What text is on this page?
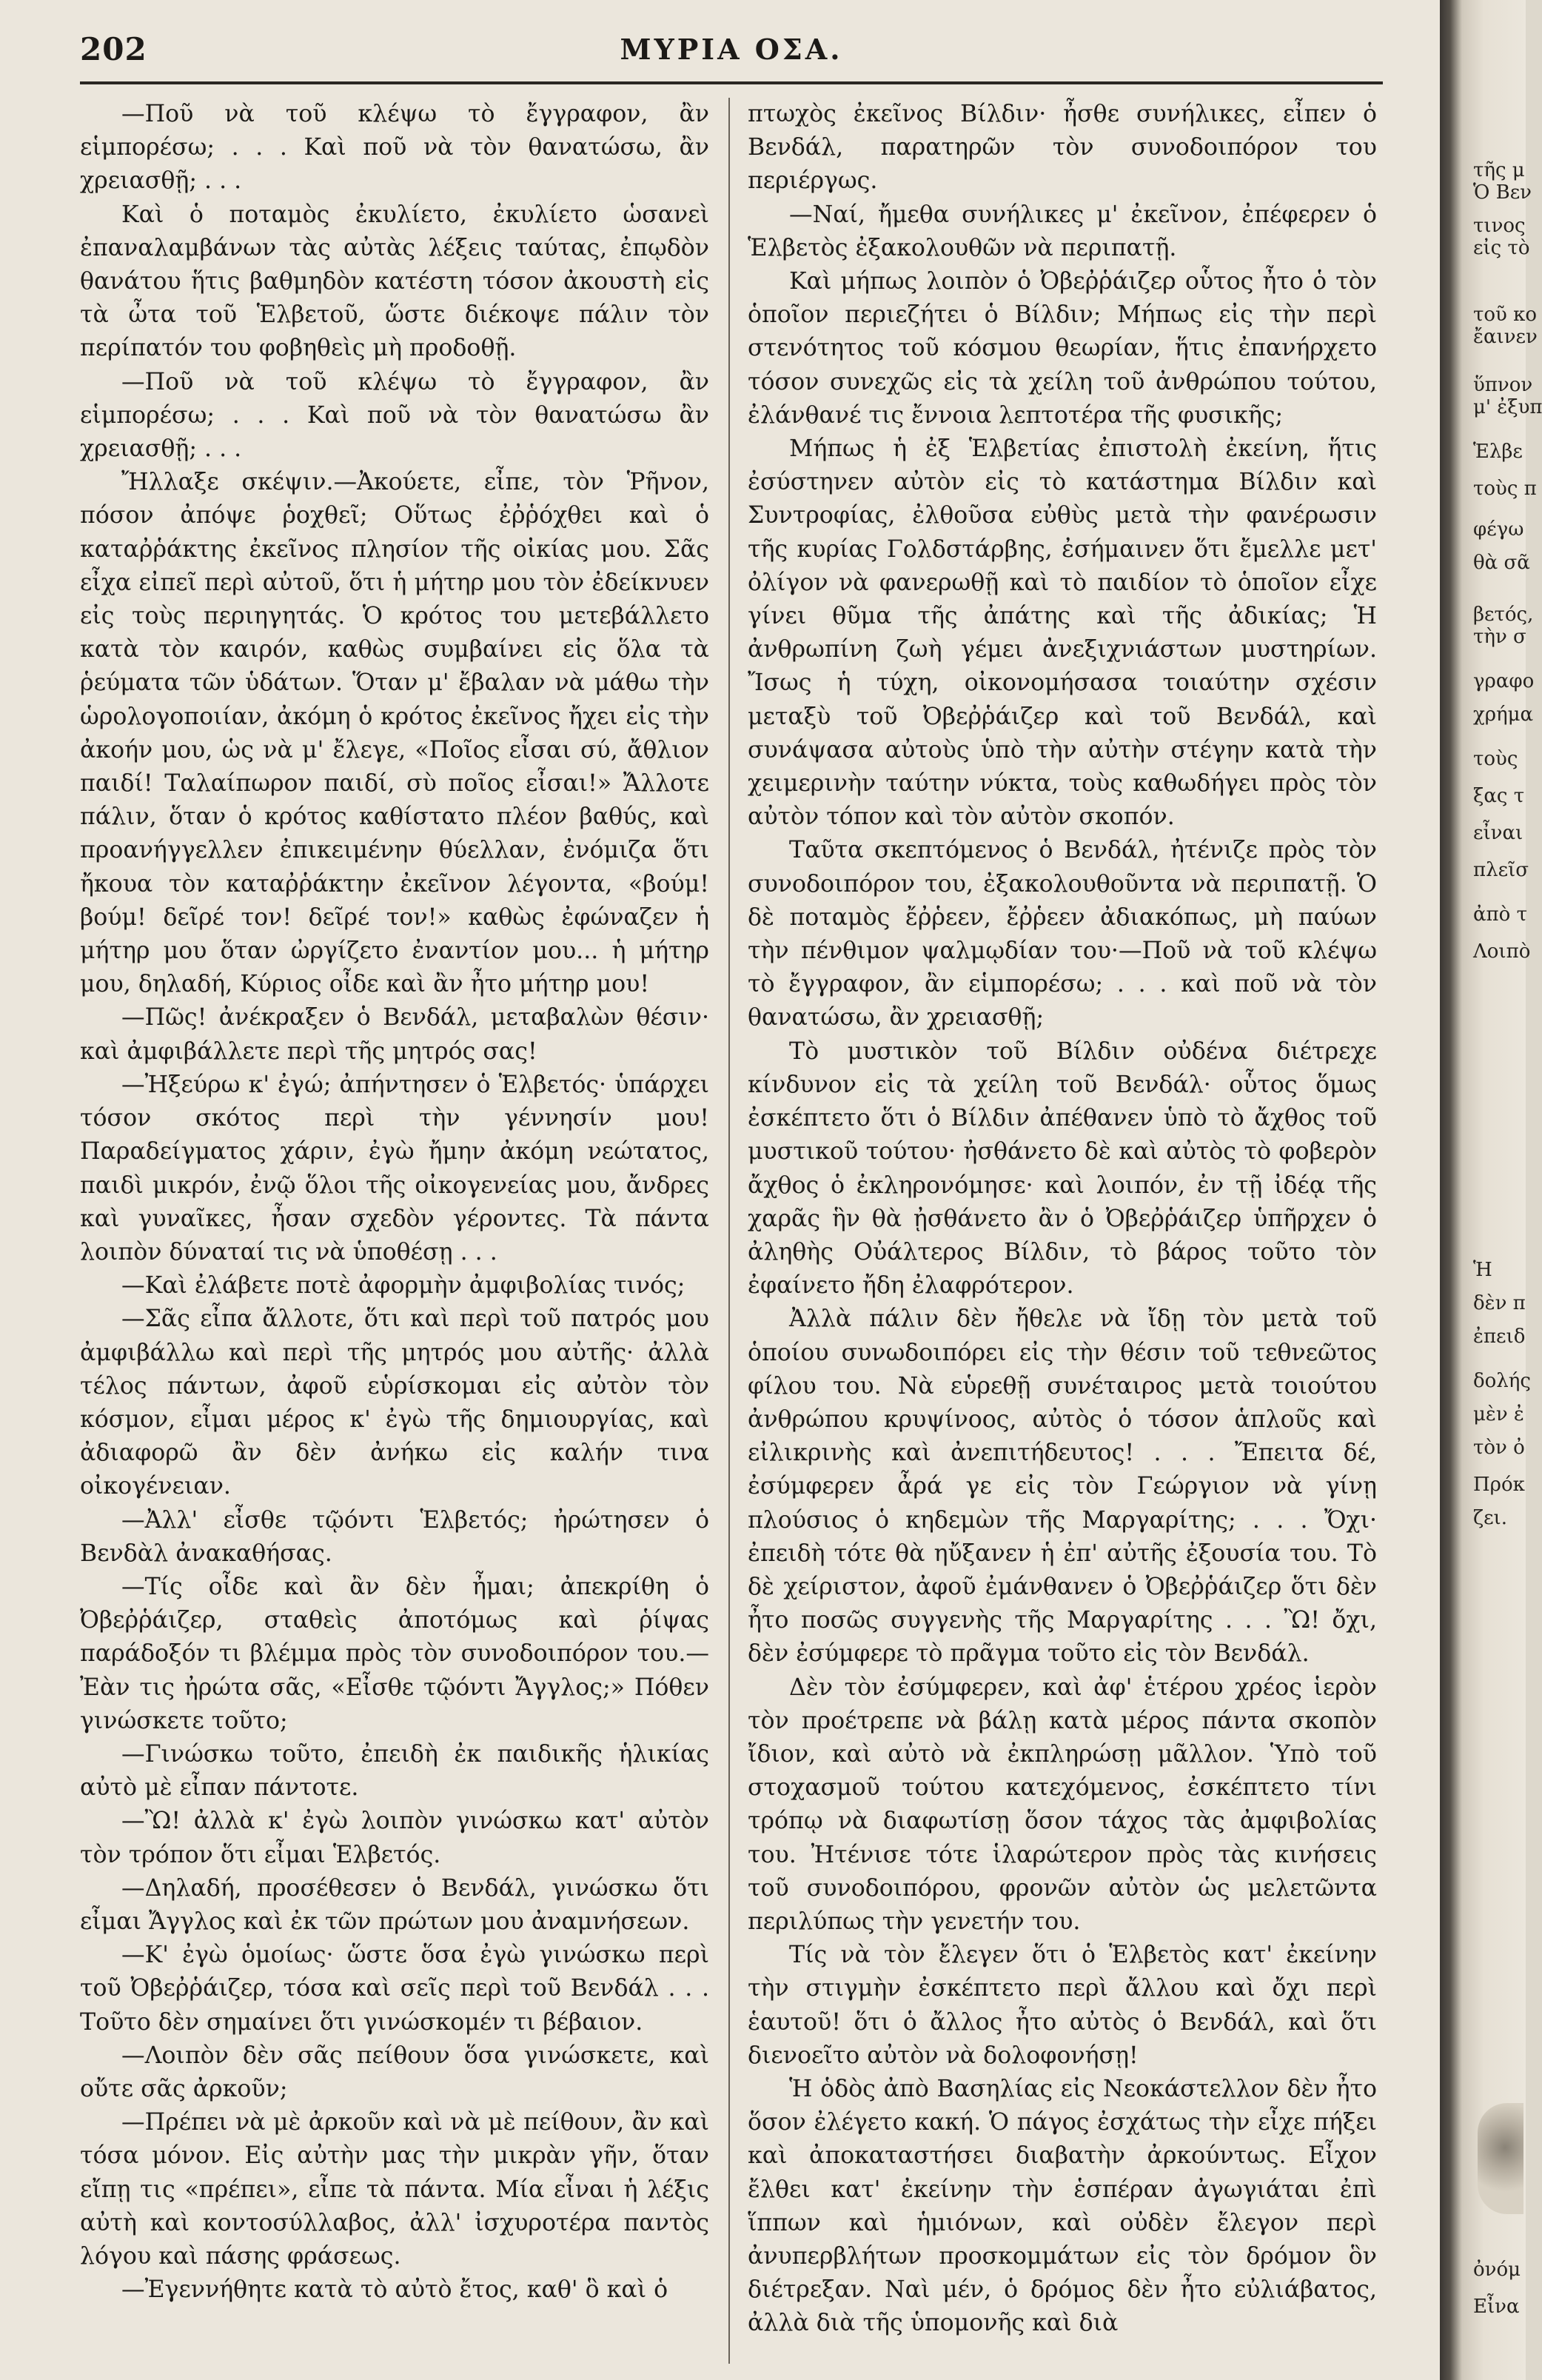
202	ΜΥΡΙΑ ΟΣΑ.

—Ποῦ νὰ τοῦ κλέψω τὸ ἔγγραφον, ἂν εἱμπορέσω; . . . Καὶ ποῦ νὰ τὸν θανατώσω, ἂν χρειασθῇ; . . .

Καὶ ὁ ποταμὸς ἐκυλίετο, ἐκυλίετο ὡσανεὶ ἐπαναλαμβάνων τὰς αὐτὰς λέξεις ταύτας, ἐπῳδὸν θανάτου ἥτις βαθμηδὸν κατέστη τόσον ἀκουστὴ εἰς τὰ ὦτα τοῦ Ἑλβετοῦ, ὥστε διέκοψε πάλιν τὸν περίπατόν του φοβηθεὶς μὴ προδοθῇ.

—Ποῦ νὰ τοῦ κλέψω τὸ ἔγγραφον, ἂν εἱμπορέσω; . . . Καὶ ποῦ νὰ τὸν θανατώσω ἂν χρειασθῇ; . . .

Ἤλλαξε σκέψιν.—Ἀκούετε, εἶπε, τὸν Ῥῆνον, πόσον ἀπόψε ῥοχθεῖ; Οὕτως ἐῤῥόχθει καὶ ὁ καταῤῥάκτης ἐκεῖνος πλησίον τῆς οἰκίας μου. Σᾶς εἶχα εἰπεῖ περὶ αὐτοῦ, ὅτι ἡ μήτηρ μου τὸν ἐδείκνυεν εἰς τοὺς περιηγητάς. Ὁ κρότος του μετεβάλλετο κατὰ τὸν καιρόν, καθὼς συμβαίνει εἰς ὅλα τὰ ῥεύματα τῶν ὑδάτων. Ὅταν μ' ἔβαλαν νὰ μάθω τὴν ὡρολογοποιίαν, ἀκόμη ὁ κρότος ἐκεῖνος ἤχει εἰς τὴν ἀκοήν μου, ὡς νὰ μ' ἔλεγε, «Ποῖος εἶσαι σύ, ἄθλιον παιδί! Ταλαίπωρον παιδί, σὺ ποῖος εἶσαι!» Ἄλλοτε πάλιν, ὅταν ὁ κρότος καθίστατο πλέον βαθύς, καὶ προανήγγελλεν ἐπικειμένην θύελλαν, ἐνόμιζα ὅτι ἤκουα τὸν καταῤῥάκτην ἐκεῖνον λέγοντα, «βούμ! βούμ! δεῖρέ τον! δεῖρέ τον!» καθὼς ἐφώναζεν ἡ μήτηρ μου ὅταν ὠργίζετο ἐναντίον μου... ἡ μήτηρ μου, δηλαδή, Κύριος οἶδε καὶ ἂν ἦτο μήτηρ μου!

—Πῶς! ἀνέκραξεν ὁ Βενδάλ, μεταβαλὼν θέσιν· καὶ ἀμφιβάλλετε περὶ τῆς μητρός σας!

—Ἠξεύρω κ' ἐγώ; ἀπήντησεν ὁ Ἑλβετός· ὑπάρχει τόσον σκότος περὶ τὴν γέννησίν μου! Παραδείγματος χάριν, ἐγὼ ἤμην ἀκόμη νεώτατος, παιδὶ μικρόν, ἐνῷ ὅλοι τῆς οἰκογενείας μου, ἄνδρες καὶ γυναῖκες, ἦσαν σχεδὸν γέροντες. Τὰ πάντα λοιπὸν δύναταί τις νὰ ὑποθέσῃ . . .

—Καὶ ἐλάβετε ποτὲ ἀφορμὴν ἀμφιβολίας τινός;

—Σᾶς εἶπα ἄλλοτε, ὅτι καὶ περὶ τοῦ πατρός μου ἀμφιβάλλω καὶ περὶ τῆς μητρός μου αὐτῆς· ἀλλὰ τέλος πάντων, ἀφοῦ εὑρίσκομαι εἰς αὐτὸν τὸν κόσμον, εἶμαι μέρος κ' ἐγὼ τῆς δημιουργίας, καὶ ἀδιαφορῶ ἂν δὲν ἀνήκω εἰς καλήν τινα οἰκογένειαν.

—Ἀλλ' εἶσθε τῷόντι Ἑλβετός; ἠρώτησεν ὁ Βενδὰλ ἀνακαθήσας.

—Τίς οἶδε καὶ ἂν δὲν ἦμαι; ἀπεκρίθη ὁ Ὀβεῤῥάιζερ, σταθεὶς ἀποτόμως καὶ ῥίψας παράδοξόν τι βλέμμα πρὸς τὸν συνοδοιπόρον του.—Ἐὰν τις ἠρώτα σᾶς, «Εἶσθε τῷόντι Ἄγγλος;» Πόθεν γινώσκετε τοῦτο;

—Γινώσκω τοῦτο, ἐπειδὴ ἐκ παιδικῆς ἡλικίας αὐτὸ μὲ εἶπαν πάντοτε.

—Ὢ! ἀλλὰ κ' ἐγὼ λοιπὸν γινώσκω κατ' αὐτὸν τὸν τρόπον ὅτι εἶμαι Ἑλβετός.

—Δηλαδή, προσέθεσεν ὁ Βενδάλ, γινώσκω ὅτι εἶμαι Ἄγγλος καὶ ἐκ τῶν πρώτων μου ἀναμνήσεων.

—Κ' ἐγὼ ὁμοίως· ὥστε ὅσα ἐγὼ γινώσκω περὶ τοῦ Ὀβεῤῥάιζερ, τόσα καὶ σεῖς περὶ τοῦ Βενδάλ . . . Τοῦτο δὲν σημαίνει ὅτι γινώσκομέν τι βέβαιον.

—Λοιπὸν δὲν σᾶς πείθουν ὅσα γινώσκετε, καὶ οὔτε σᾶς ἀρκοῦν;

—Πρέπει νὰ μὲ ἀρκοῦν καὶ νὰ μὲ πείθουν, ἂν καὶ τόσα μόνον. Εἰς αὐτὴν μας τὴν μικρὰν γῆν, ὅταν εἴπῃ τις «πρέπει», εἶπε τὰ πάντα. Μία εἶναι ἡ λέξις αὐτὴ καὶ κοντοσύλλαβος, ἀλλ' ἰσχυροτέρα παντὸς λόγου καὶ πάσης φράσεως.

—Ἐγεννήθητε κατὰ τὸ αὐτὸ ἔτος, καθ' ὃ καὶ ὁ

πτωχὸς ἐκεῖνος Βίλδιν· ἦσθε συνήλικες, εἶπεν ὁ Βενδάλ, παρατηρῶν τὸν συνοδοιπόρον του περιέργως.

—Ναί, ἤμεθα συνήλικες μ' ἐκεῖνον, ἐπέφερεν ὁ Ἑλβετὸς ἐξακολουθῶν νὰ περιπατῇ.

Καὶ μήπως λοιπὸν ὁ Ὀβεῤῥάιζερ οὗτος ἦτο ὁ τὸν ὁποῖον περιεζήτει ὁ Βίλδιν; Μήπως εἰς τὴν περὶ στενότητος τοῦ κόσμου θεωρίαν, ἥτις ἐπανήρχετο τόσον συνεχῶς εἰς τὰ χείλη τοῦ ἀνθρώπου τούτου, ἐλάνθανέ τις ἔννοια λεπτοτέρα τῆς φυσικῆς;

Μήπως ἡ ἐξ Ἑλβετίας ἐπιστολὴ ἐκείνη, ἥτις ἐσύστηνεν αὐτὸν εἰς τὸ κατάστημα Βίλδιν καὶ Συντροφίας, ἐλθοῦσα εὐθὺς μετὰ τὴν φανέρωσιν τῆς κυρίας Γολδστάρβης, ἐσήμαινεν ὅτι ἔμελλε μετ' ὀλίγον νὰ φανερωθῇ καὶ τὸ παιδίον τὸ ὁποῖον εἶχε γίνει θῦμα τῆς ἀπάτης καὶ τῆς ἀδικίας; Ἡ ἀνθρωπίνη ζωὴ γέμει ἀνεξιχνιάστων μυστηρίων. Ἴσως ἡ τύχη, οἰκονομήσασα τοιαύτην σχέσιν μεταξὺ τοῦ Ὀβεῤῥάιζερ καὶ τοῦ Βενδάλ, καὶ συνάψασα αὐτοὺς ὑπὸ τὴν αὐτὴν στέγην κατὰ τὴν χειμερινὴν ταύτην νύκτα, τοὺς καθωδήγει πρὸς τὸν αὐτὸν τόπον καὶ τὸν αὐτὸν σκοπόν.

Ταῦτα σκεπτόμενος ὁ Βενδάλ, ἠτένιζε πρὸς τὸν συνοδοιπόρον του, ἐξακολουθοῦντα νὰ περιπατῇ. Ὁ δὲ ποταμὸς ἔῤῥεεν, ἔῤῥεεν ἀδιακόπως, μὴ παύων τὴν πένθιμον ψαλμῳδίαν του·—Ποῦ νὰ τοῦ κλέψω τὸ ἔγγραφον, ἂν εἱμπορέσω; . . . καὶ ποῦ νὰ τὸν θανατώσω, ἂν χρειασθῇ;

Τὸ μυστικὸν τοῦ Βίλδιν οὐδένα διέτρεχε κίνδυνον εἰς τὰ χείλη τοῦ Βενδάλ· οὗτος ὅμως ἐσκέπτετο ὅτι ὁ Βίλδιν ἀπέθανεν ὑπὸ τὸ ἄχθος τοῦ μυστικοῦ τούτου· ἠσθάνετο δὲ καὶ αὐτὸς τὸ φοβερὸν ἄχθος ὁ ἐκληρονόμησε· καὶ λοιπόν, ἐν τῇ ἰδέᾳ τῆς χαρᾶς ἣν θὰ ᾐσθάνετο ἂν ὁ Ὀβεῤῥάιζερ ὑπῆρχεν ὁ ἀληθὴς Οὐάλτερος Βίλδιν, τὸ βάρος τοῦτο τὸν ἐφαίνετο ἤδη ἐλαφρότερον.

Ἀλλὰ πάλιν δὲν ἤθελε νὰ ἴδῃ τὸν μετὰ τοῦ ὁποίου συνωδοιπόρει εἰς τὴν θέσιν τοῦ τεθνεῶτος φίλου του. Νὰ εὑρεθῇ συνέταιρος μετὰ τοιούτου ἀνθρώπου κρυψίνοος, αὐτὸς ὁ τόσον ἁπλοῦς καὶ εἰλικρινὴς καὶ ἀνεπιτήδευτος! . . . Ἔπειτα δέ, ἐσύμφερεν ἆρά γε εἰς τὸν Γεώργιον νὰ γίνῃ πλούσιος ὁ κηδεμὼν τῆς Μαργαρίτης; . . . Ὄχι· ἐπειδὴ τότε θὰ ηὔξανεν ἡ ἐπ' αὐτῆς ἐξουσία του. Τὸ δὲ χείριστον, ἀφοῦ ἐμάνθανεν ὁ Ὀβεῤῥάιζερ ὅτι δὲν ἦτο ποσῶς συγγενὴς τῆς Μαργαρίτης . . . Ὢ! ὄχι, δὲν ἐσύμφερε τὸ πρᾶγμα τοῦτο εἰς τὸν Βενδάλ.

Δὲν τὸν ἐσύμφερεν, καὶ ἀφ' ἑτέρου χρέος ἱερὸν τὸν προέτρεπε νὰ βάλῃ κατὰ μέρος πάντα σκοπὸν ἴδιον, καὶ αὐτὸ νὰ ἐκπληρώσῃ μᾶλλον. Ὑπὸ τοῦ στοχασμοῦ τούτου κατεχόμενος, ἐσκέπτετο τίνι τρόπῳ νὰ διαφωτίσῃ ὅσον τάχος τὰς ἀμφιβολίας του. Ἠτένισε τότε ἱλαρώτερον πρὸς τὰς κινήσεις τοῦ συνοδοιπόρου, φρονῶν αὐτὸν ὡς μελετῶντα περιλύπως τὴν γενετήν του.

Τίς νὰ τὸν ἔλεγεν ὅτι ὁ Ἑλβετὸς κατ' ἐκείνην τὴν στιγμὴν ἐσκέπτετο περὶ ἄλλου καὶ ὄχι περὶ ἑαυτοῦ! ὅτι ὁ ἄλλος ἦτο αὐτὸς ὁ Βενδάλ, καὶ ὅτι διενοεῖτο αὐτὸν νὰ δολοφονήσῃ!

Ἡ ὁδὸς ἀπὸ Βασηλίας εἰς Νεοκάστελλον δὲν ἦτο ὅσον ἐλέγετο κακή. Ὁ πάγος ἐσχάτως τὴν εἶχε πήξει καὶ ἀποκαταστήσει διαβατὴν ἀρκούντως. Εἶχον ἔλθει κατ' ἐκείνην τὴν ἑσπέραν ἀγωγιάται ἐπὶ ἵππων καὶ ἡμιόνων, καὶ οὐδὲν ἔλεγον περὶ ἀνυπερβλήτων προσκομμάτων εἰς τὸν δρόμον ὃν διέτρεξαν. Ναὶ μέν, ὁ δρόμος δὲν ἦτο εὐλιάβατος, ἀλλὰ διὰ τῆς ὑπομονῆς καὶ διὰ

τῆς μ
Ὁ Βεν
τινος
εἰς τὸ
τοῦ κο
ἔαινεν
ὕπνον
μ' ἐξυπ
Ἑλβε
τοὺς π
φέγω
θὰ σᾶ
βετός,
τὴν σ
γραφο
χρήμα
τοὺς
ξας τ
εἶναι
πλεῖσ
ἀπὸ τ
Λοιπὸ
Ἡ
δὲν π
ἐπειδ
δολής
μὲν ἐ
τὸν ὀ
Πρόκ
ζει.
ὀνόμ
Εἶνα
